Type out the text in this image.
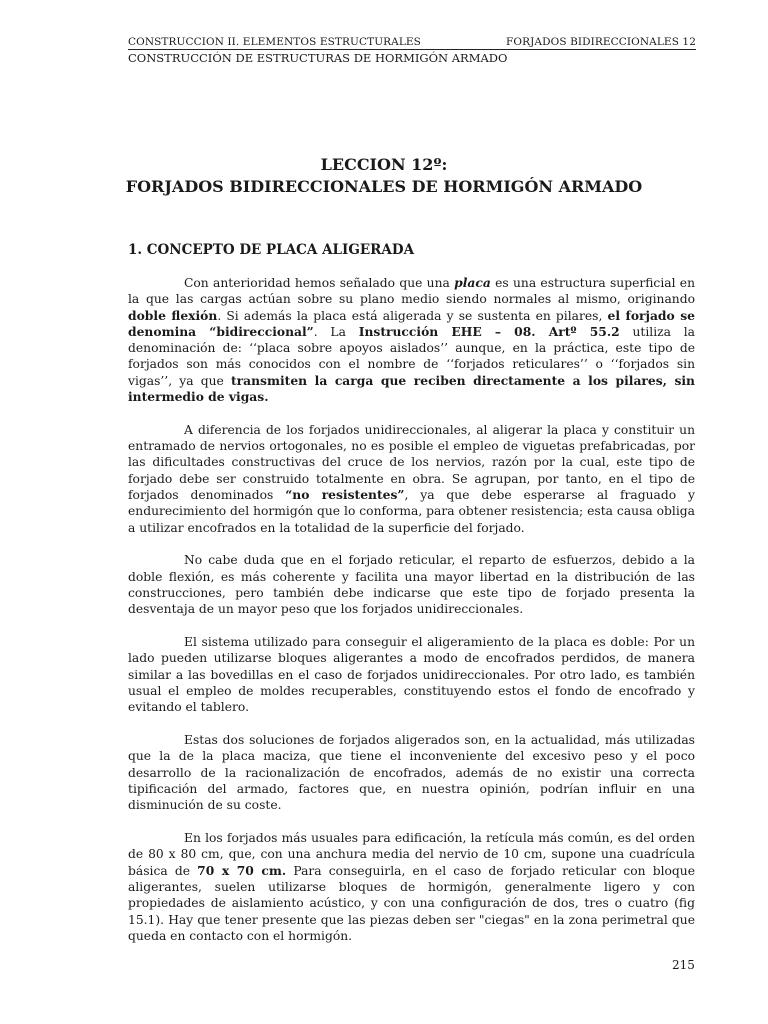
CONSTRUCCION II. ELEMENTOS ESTRUCTURALES	FORJADOS BIDIRECCIONALES 12
CONSTRUCCIÓN DE ESTRUCTURAS DE HORMIGÓN ARMADO
LECCION 12º:
FORJADOS BIDIRECCIONALES DE HORMIGÓN ARMADO
1. CONCEPTO DE PLACA ALIGERADA

Con anterioridad hemos señalado que una placa es una estructura superficial en la que las cargas actúan sobre su plano medio siendo normales al mismo, originando doble flexión. Si además la placa está aligerada y se sustenta en pilares, el forjado se denomina “bidireccional”. La Instrucción EHE – 08. Artº 55.2 utiliza la denominación de: ‘‘placa sobre apoyos aislados’’ aunque, en la práctica, este tipo de forjados son más conocidos con el nombre de ‘‘forjados reticulares’’ o ‘‘forjados sin vigas’’, ya que transmiten la carga que reciben directamente a los pilares, sin intermedio de vigas.

A diferencia de los forjados unidireccionales, al aligerar la placa y constituir un entramado de nervios ortogonales, no es posible el empleo de viguetas prefabricadas, por las dificultades constructivas del cruce de los nervios, razón por la cual, este tipo de forjado debe ser construido totalmente en obra. Se agrupan, por tanto, en el tipo de forjados denominados “no resistentes”, ya que debe esperarse al fraguado y endurecimiento del hormigón que lo conforma, para obtener resistencia; esta causa obliga a utilizar encofrados en la totalidad de la superficie del forjado.

No cabe duda que en el forjado reticular, el reparto de esfuerzos, debido a la doble flexión, es más coherente y facilita una mayor libertad en la distribución de las construcciones, pero también debe indicarse que este tipo de forjado presenta la desventaja de un mayor peso que los forjados unidireccionales.

El sistema utilizado para conseguir el aligeramiento de la placa es doble: Por un lado pueden utilizarse bloques aligerantes a modo de encofrados perdidos, de manera similar a las bovedillas en el caso de forjados unidireccionales. Por otro lado, es también usual el empleo de moldes recuperables, constituyendo estos el fondo de encofrado y evitando el tablero.

Estas dos soluciones de forjados aligerados son, en la actualidad, más utilizadas que la de la placa maciza, que tiene el inconveniente del excesivo peso y el poco desarrollo de la racionalización de encofrados, además de no existir una correcta tipificación del armado, factores que, en nuestra opinión, podrían influir en una disminución de su coste.

En los forjados más usuales para edificación, la retícula más común, es del orden de 80 x 80 cm, que, con una anchura media del nervio de 10 cm, supone una cuadrícula básica de 70 x 70 cm. Para conseguirla, en el caso de forjado reticular con bloque aligerantes, suelen utilizarse bloques de hormigón, generalmente ligero y con propiedades de aislamiento acústico, y con una configuración de dos, tres o cuatro (fig 15.1). Hay que tener presente que las piezas deben ser "ciegas" en la zona perimetral que queda en contacto con el hormigón.

215
